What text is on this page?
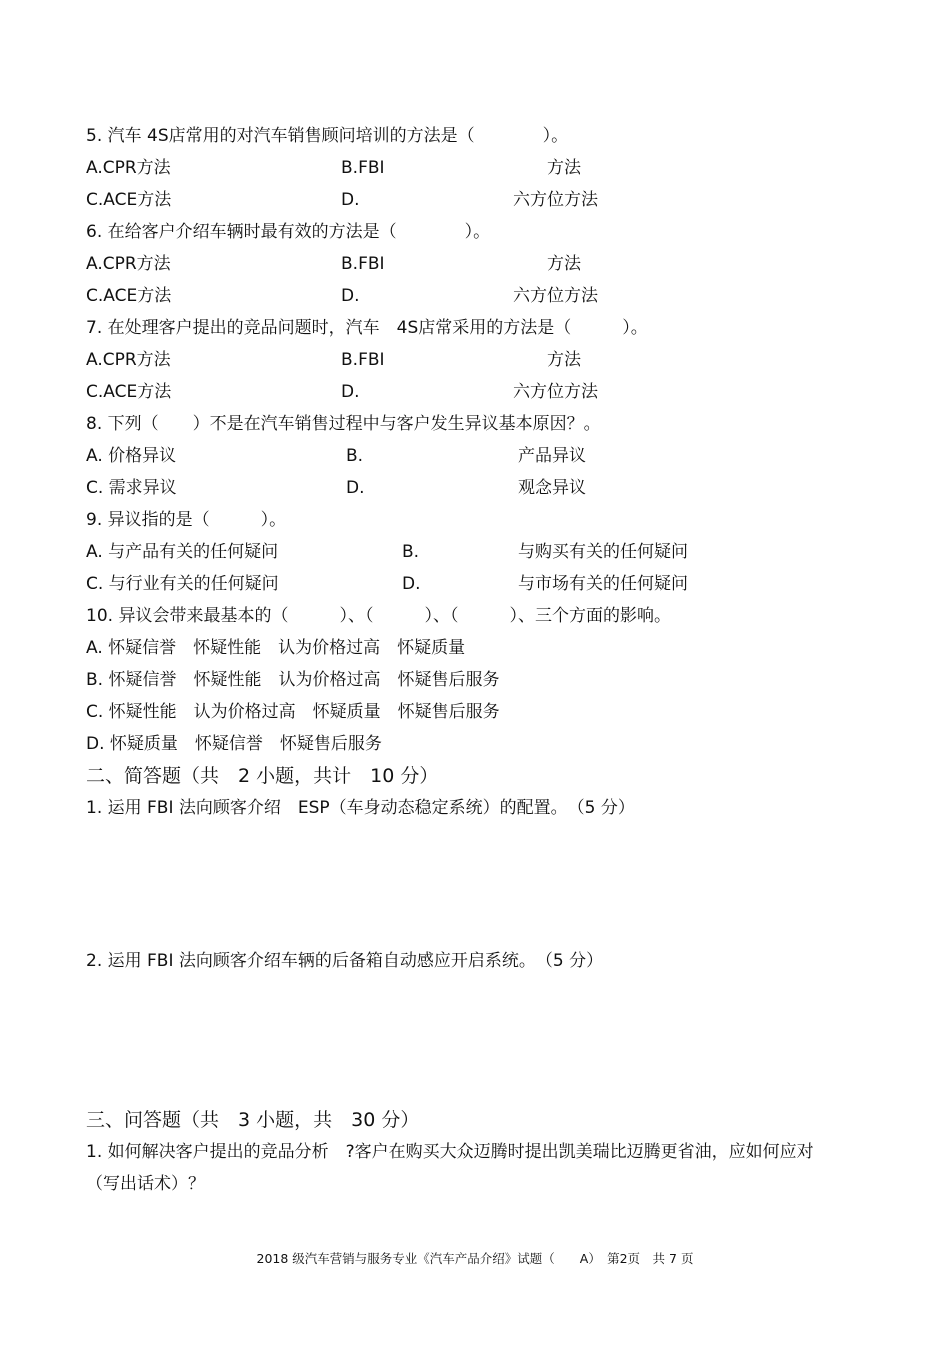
5. 汽车 4S店常用的对汽车销售顾问培训的方法是（　　　　）。
A.CPR方法	B.FBI	方法
C.ACE方法	D.	六方位方法
6. 在给客户介绍车辆时最有效的方法是（　　　　）。
A.CPR方法	B.FBI	方法
C.ACE方法	D.	六方位方法
7. 在处理客户提出的竞品问题时，汽车　4S店常采用的方法是（　　　）。
A.CPR方法	B.FBI	方法
C.ACE方法	D.	六方位方法
8. 下列（　　）不是在汽车销售过程中与客户发生异议基本原因？。
A. 价格异议	B.	产品异议
C. 需求异议	D.	观念异议
9. 异议指的是（　　　）。
A. 与产品有关的任何疑问	B.	与购买有关的任何疑问
C. 与行业有关的任何疑问	D.	与市场有关的任何疑问
10. 异议会带来最基本的（　　　）、（　　　）、（　　　）、三个方面的影响。
A. 怀疑信誉　怀疑性能　认为价格过高　怀疑质量
B. 怀疑信誉　怀疑性能　认为价格过高　怀疑售后服务
C. 怀疑性能　认为价格过高　怀疑质量　怀疑售后服务
D. 怀疑质量　怀疑信誉　怀疑售后服务
二、简答题（共　2 小题，共计　10 分）
1. 运用 FBI 法向顾客介绍　ESP（车身动态稳定系统）的配置。　（5 分）
2. 运用 FBI 法向顾客介绍车辆的后备箱自动感应开启系统。　（5 分）
三、问答题（共　3 小题，共　30 分）
1. 如何解决客户提出的竞品分析　?客户在购买大众迈腾时提出凯美瑞比迈腾更省油，应如何应对（写出话术）？
2018 级汽车营销与服务专业《汽车产品介绍》试题（　　A）　第2页　共 7 页
